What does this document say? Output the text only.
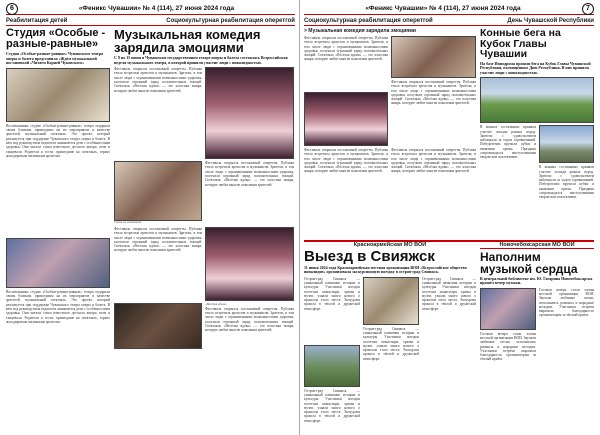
6	«Феникс Чувашии» № 4 (114), 27 июня 2024 года
Реабилитация детей	Социокультурная реабилитация оперетгой
Студия «Особые - разные-равные»
Студия «Особые-разные-равные» Чувашского театра оперы и балета представила «Ждём музыкальной постановкой «Читаем Корней Чуковского»
Воспитанники студии «Особые-разные-равные» театра подарили своим близким, пришедшим на их мероприятие в качестве зрителей, музыкальный спектакль. Это проект, который реализуется при поддержке Чувашского театра оперы и балета. В нём под руководством педагогов занимаются дети с особенностями здоровья. Они читали стихи известного детского автора, пели и танцевали. Родители и гости, пришедшие на спектакль, горячо аплодировали маленьким артистам.
Воспитанники студии «Особые-разные-равные» театра подарили своим близким, пришедшим на их мероприятие в качестве зрителей, музыкальный спектакль. Это проект, который реализуется при поддержке Чувашского театра оперы и балета. В нём под руководством педагогов занимаются дети с особенностями здоровья. Они читали стихи известного детского автора, пели и танцевали. Родители и гости, пришедшие на спектакль, горячо аплодировали маленьким артистам.
Музыкальная комедия зарядила эмоциями
С 9 по 15 июня в Чувашском государственном театре оперы и балета состоялась Всероссийская неделя музыкального театра, в которой приняли участие люди с инвалидностью.
Фестиваль открылся постановкой оперетты. Публика тепло встретила артистов и музыкантов. Зрители, в том числе люди с ограниченными возможностями здоровья, получили огромный заряд положительных эмоций. Спектакль «Весёлая вдова» — это классика жанра, которую любят многие поколения зрителей.
Сцена из спектакля
Фестиваль открылся постановкой оперетты. Публика тепло встретила артистов и музыкантов. Зрители, в том числе люди с ограниченными возможностями здоровья, получили огромный заряд положительных эмоций. Спектакль «Весёлая вдова» — это классика жанра, которую любят многие поколения зрителей.
Фестиваль открылся постановкой оперетты. Публика тепло встретила артистов и музыкантов. Зрители, в том числе люди с ограниченными возможностями здоровья, получили огромный заряд положительных эмоций. Спектакль «Весёлая вдова» — это классика жанра, которую любят многие поколения зрителей.
«Весёлая вдова»
Фестиваль открылся постановкой оперетты. Публика тепло встретила артистов и музыкантов. Зрители, в том числе люди с ограниченными возможностями здоровья, получили огромный заряд положительных эмоций. Спектакль «Весёлая вдова» — это классика жанра, которую любят многие поколения зрителей.
«Феникс Чувашии» № 4 (114), 27 июня 2024 года	7
Социокультурная реабилитация оперетгой	День Чувашской Республики
> Музыкальная комедия зарядила эмоциями
Фестиваль открылся постановкой оперетты. Публика тепло встретила артистов и музыкантов. Зрители, в том числе люди с ограниченными возможностями здоровья, получили огромный заряд положительных эмоций. Спектакль «Весёлая вдова» — это классика жанра, которую любят многие поколения зрителей.
Фестиваль открылся постановкой оперетты. Публика тепло встретила артистов и музыкантов. Зрители, в том числе люди с ограниченными возможностями здоровья, получили огромный заряд положительных эмоций. Спектакль «Весёлая вдова» — это классика жанра, которую любят многие поколения зрителей.
Фестиваль открылся постановкой оперетты. Публика тепло встретила артистов и музыкантов. Зрители, в том числе люди с ограниченными возможностями здоровья, получили огромный заряд положительных эмоций. Спектакль «Весёлая вдова» — это классика жанра, которую любят многие поколения зрителей.
Фестиваль открылся постановкой оперетты. Публика тепло встретила артистов и музыкантов. Зрители, в том числе люди с ограниченными возможностями здоровья, получили огромный заряд положительных эмоций. Спектакль «Весёлая вдова» — это классика жанра, которую любят многие поколения зрителей.
Конные бега на Кубок Главы Чувашии
На базе Ипподрома прошли бега на Кубок Главы Чувашской Республики, посвящённые Дню Республики. В них приняли участие люди с инвалидностью.
В конных состязаниях приняли участие лошади разных пород. Зрители с удовольствием наблюдали за ходом соревнований. Победителям вручили кубки и памятные призы. Праздник сопровождался выступлениями творческих коллективов.
В конных состязаниях приняли участие лошади разных пород. Зрители с удовольствием наблюдали за ходом соревнований. Победителям вручили кубки и памятные призы. Праздник сопровождался выступлениями творческих коллективов.
Красноармейская МО ВОИ
Выезд в Свияжск
11 июня 2024 года Красноармейская местная организация ВОИ «Всероссийское общество инвалидов» организовала экскурсионную поездку в остров-град Свияжск.
Остров-град Свияжск — уникальный памятник истории и культуры. Участники поездки посетили монастыри, храмы и музеи, узнали много нового о прошлом этого места. Экскурсия прошла в тёплой и дружеской атмосфере.
Остров-град Свияжск — уникальный памятник истории и культуры. Участники поездки посетили монастыри, храмы и музеи, узнали много нового о прошлом этого места. Экскурсия прошла в тёплой и дружеской атмосфере.
Остров-град Свияжск — уникальный памятник истории и культуры. Участники поездки посетили монастыри, храмы и музеи, узнали много нового о прошлом этого места. Экскурсия прошла в тёплой и дружеской атмосфере.
Остров-град Свияжск — уникальный памятник истории и культуры. Участники поездки посетили монастыри, храмы и музеи, узнали много нового о прошлом этого места. Экскурсия прошла в тёплой и дружеской атмосфере.
Новочебоксарская МО ВОИ
Наполним музыкой сердца
В центральной библиотеке им. Ю. Гагарина Новочебоксарска прошёл вечер музыки.
Гостями вечера стали члены местной организации ВОИ. Звучали любимые песни, исполнялись романсы и народные мелодии. Участники встречи выразили благодарность организаторам за тёплый приём.
Гостями вечера стали члены местной организации ВОИ. Звучали любимые песни, исполнялись романсы и народные мелодии. Участники встречи выразили благодарность организаторам за тёплый приём.
